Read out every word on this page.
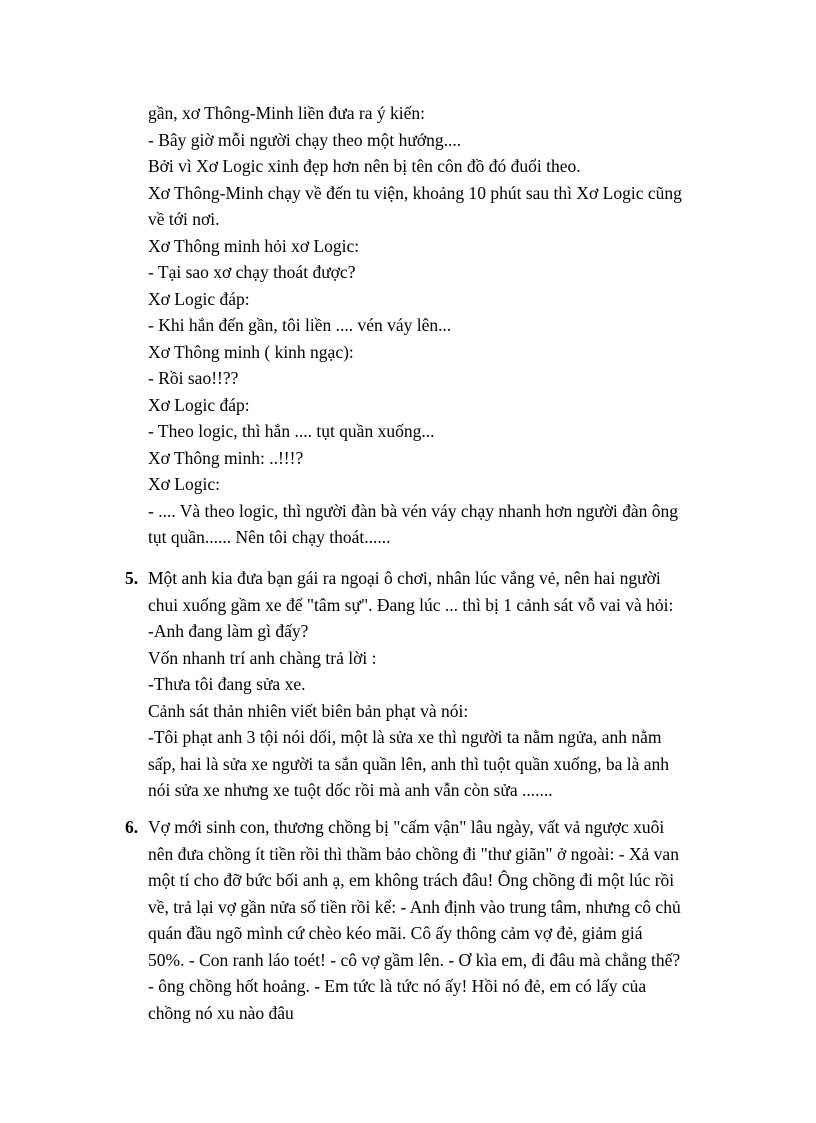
gần, xơ Thông-Minh liền đưa ra ý kiến:
- Bây giờ mỗi người chạy theo một hướng....
Bởi vì Xơ Logic xinh đẹp hơn nên bị tên côn đồ đó đuổi theo.
Xơ Thông-Minh chạy về đến tu viện, khoảng 10 phút sau thì Xơ Logic cũng
về tới nơi.
Xơ Thông minh hỏi xơ Logic:
- Tại sao xơ chạy thoát được?
Xơ Logic đáp:
- Khi hắn đến gần, tôi liền .... vén váy lên...
Xơ Thông minh ( kinh ngạc):
- Rồi sao!!??
Xơ Logic đáp:
- Theo logic, thì hắn .... tụt quần xuống...
Xơ Thông minh: ..!!!?
Xơ Logic:
- .... Và theo logic, thì người đàn bà vén váy chạy nhanh hơn người đàn ông
tụt quần...... Nên tôi chạy thoát......
5. Một anh kia đưa bạn gái ra ngoại ô chơi, nhân lúc vắng vẻ, nên hai người
chui xuống gầm xe để "tâm sự". Đang lúc ... thì bị 1 cảnh sát vỗ vai và hỏi:
-Anh đang làm gì đấy?
Vốn nhanh trí anh chàng trả lời :
-Thưa tôi đang sửa xe.
Cảnh sát thản nhiên viết biên bản phạt và nói:
-Tôi phạt anh 3 tội nói dối, một là sửa xe thì người ta nằm ngửa, anh nằm
sấp, hai là sửa xe người ta sắn quần lên, anh thì tuột quần xuống, ba là anh
nói sửa xe nhưng xe tuột dốc rồi mà anh vẫn còn sửa .......
6. Vợ mới sinh con, thương chồng bị "cấm vận" lâu ngày, vất vả ngược xuôi
nên đưa chồng ít tiền rồi thì thầm bảo chồng đi "thư giãn" ở ngoài: - Xả van
một tí cho đỡ bức bối anh ạ, em không trách đâu! Ông chồng đi một lúc rồi
về, trả lại vợ gần nửa số tiền rồi kể: - Anh định vào trung tâm, nhưng cô chủ
quán đầu ngõ mình cứ chèo kéo mãi. Cô ấy thông cảm vợ đẻ, giảm giá
50%. - Con ranh láo toét! - cô vợ gầm lên. - Ơ kìa em, đi đâu mà chẳng thế?
- ông chồng hốt hoảng. - Em tức là tức nó ấy! Hồi nó đẻ, em có lấy của
chồng nó xu nào đâu
